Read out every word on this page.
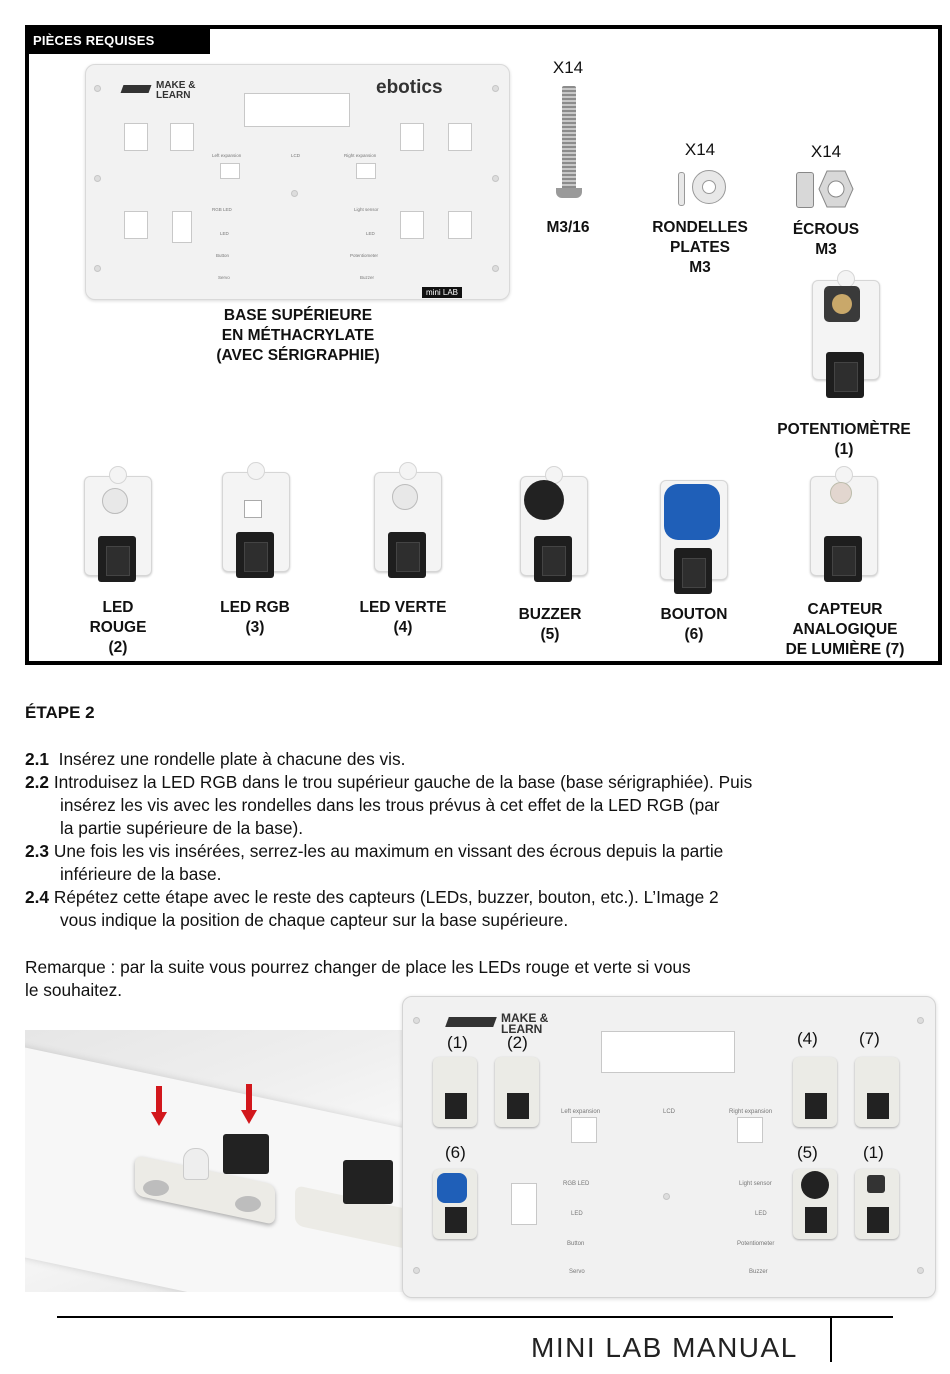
PIÈCES REQUISES
MAKE &
LEARN	ebotics
Left expansion	LCD	Right expansion
RGB LED
LED
Button
Servo
Light sensor
LED
Potentiometer
Buzzer
mini LAB
BASE SUPÉRIEURE
EN MÉTHACRYLATE
(AVEC SÉRIGRAPHIE)
X14
M3/16
X14
RONDELLES
PLATES
M3
X14
ÉCROUS
M3
POTENTIOMÈTRE
(1)
LED
ROUGE
(2)
LED RGB
(3)
LED VERTE
(4)
BUZZER
(5)
BOUTON
(6)
CAPTEUR
ANALOGIQUE
DE LUMIÈRE (7)
ÉTAPE 2
2.1 Insérez une rondelle plate à chacune des vis.
2.2 Introduisez la LED RGB dans le trou supérieur gauche de la base (base sérigraphiée). Puis
insérez les vis avec les rondelles dans les trous prévus à cet effet de la LED RGB (par
la partie supérieure de la base).
2.3 Une fois les vis insérées, serrez-les au maximum en vissant des écrous depuis la partie
inférieure de la base.
2.4 Répétez cette étape avec le reste des capteurs (LEDs, buzzer, bouton, etc.). L’Image 2
vous indique la position de chaque capteur sur la base supérieure.
Remarque : par la suite vous pourrez changer de place les LEDs rouge et verte si vous
le souhaitez.
MAKE &
LEARN
(1) (2)	(4) (7)
(6)	(5)	(1)
Left expansion	LCD	Right expansion
RGB LED
LED
Button
Servo
Light sensor
LED
Potentiometer
Buzzer
MINI LAB MANUAL
